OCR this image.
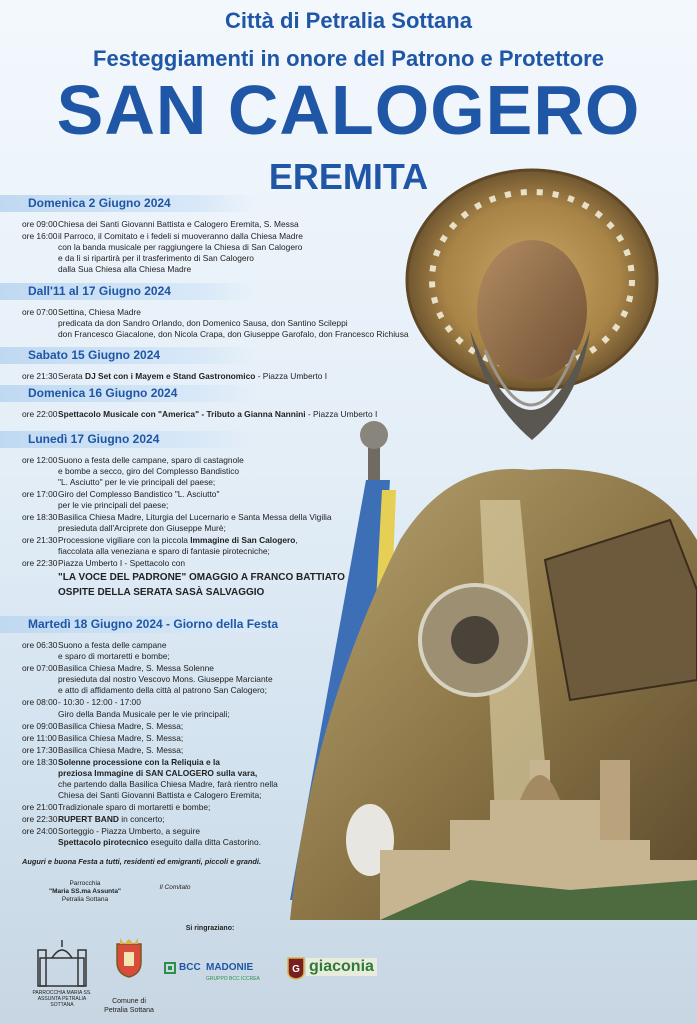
Città di Petralia Sottana
Festeggiamenti in onore del Patrono e Protettore
SAN CALOGERO
EREMITA
Domenica 2 Giugno 2024
ore 09:00Chiesa dei Santi Giovanni Battista e Calogero Eremita, S. Messa
ore 16:00il Parroco, il Comitato e i fedeli si muoveranno dalla Chiesa Madre
con la banda musicale per raggiungere la Chiesa di San Calogero
e da lì si ripartirà per il trasferimento di San Calogero
dalla Sua Chiesa alla Chiesa Madre
Dall'11 al 17 Giugno 2024
ore 07:00Settina, Chiesa Madre
predicata da don Sandro Orlando, don Domenico Sausa, don Santino Scileppi
don Francesco Giacalone, don Nicola Crapa, don Giuseppe Garofalo, don Francesco Richiusa
Sabato 15 Giugno 2024
ore 21:30Serata DJ Set con i Mayem e Stand Gastronomico - Piazza Umberto I
Domenica 16 Giugno 2024
ore 22:00Spettacolo Musicale con "America" - Tributo a Gianna Nannini - Piazza Umberto I
Lunedì 17 Giugno 2024
ore 12:00Suono a festa delle campane, sparo di castagnole
e bombe a secco, giro del Complesso Bandistico
"L. Asciutto" per le vie principali del paese;
ore 17:00Giro del Complesso Bandistico "L. Asciutto"
per le vie principali del paese;
ore 18:30Basilica Chiesa Madre, Liturgia del Lucernario e Santa Messa della Vigilia
presieduta dall'Arciprete don Giuseppe Murè;
ore 21:30Processione vigiliare con la piccola Immagine di San Calogero,
fiaccolata alla veneziana e sparo di fantasie pirotecniche;
ore 22:30Piazza Umberto I - Spettacolo con
"LA VOCE DEL PADRONE" OMAGGIO A FRANCO BATTIATO
OSPITE DELLA SERATA SASÀ SALVAGGIO
Martedì 18 Giugno 2024 - Giorno della Festa
ore 06:30Suono a festa delle campane
e sparo di mortaretti e bombe;
ore 07:00Basilica Chiesa Madre, S. Messa Solenne
presieduta dal nostro Vescovo Mons. Giuseppe Marciante
e atto di affidamento della città al patrono San Calogero;
ore 08:00- 10:30 - 12:00 - 17:00
Giro della Banda Musicale per le vie principali;
ore 09:00Basilica Chiesa Madre, S. Messa;
ore 11:00Basilica Chiesa Madre, S. Messa;
ore 17:30Basilica Chiesa Madre, S. Messa;
ore 18:30Solenne processione con la Reliquia e la
preziosa Immagine di SAN CALOGERO sulla vara,
che partendo dalla Basilica Chiesa Madre, farà rientro nella
Chiesa dei Santi Giovanni Battista e Calogero Eremita;
ore 21:00Tradizionale sparo di mortaretti e bombe;
ore 22:30RUPERT BAND in concerto;
ore 24:00Sorteggio - Piazza Umberto, a seguire
Spettacolo pirotecnico eseguito dalla ditta Castorino.
Auguri e buona Festa a tutti, residenti ed emigranti, piccoli e grandi.
Parrocchia
"Maria SS.ma Assunta"
Petralia Sottana
Il Comitato
Si ringraziano:
PARROCCHIA MARIA SS. ASSUNTA PETRALIA SOTTANA	Comune di
Petralia Sottana
BCC MADONIE
GRUPPO BCC ICCREA
G giaconia
